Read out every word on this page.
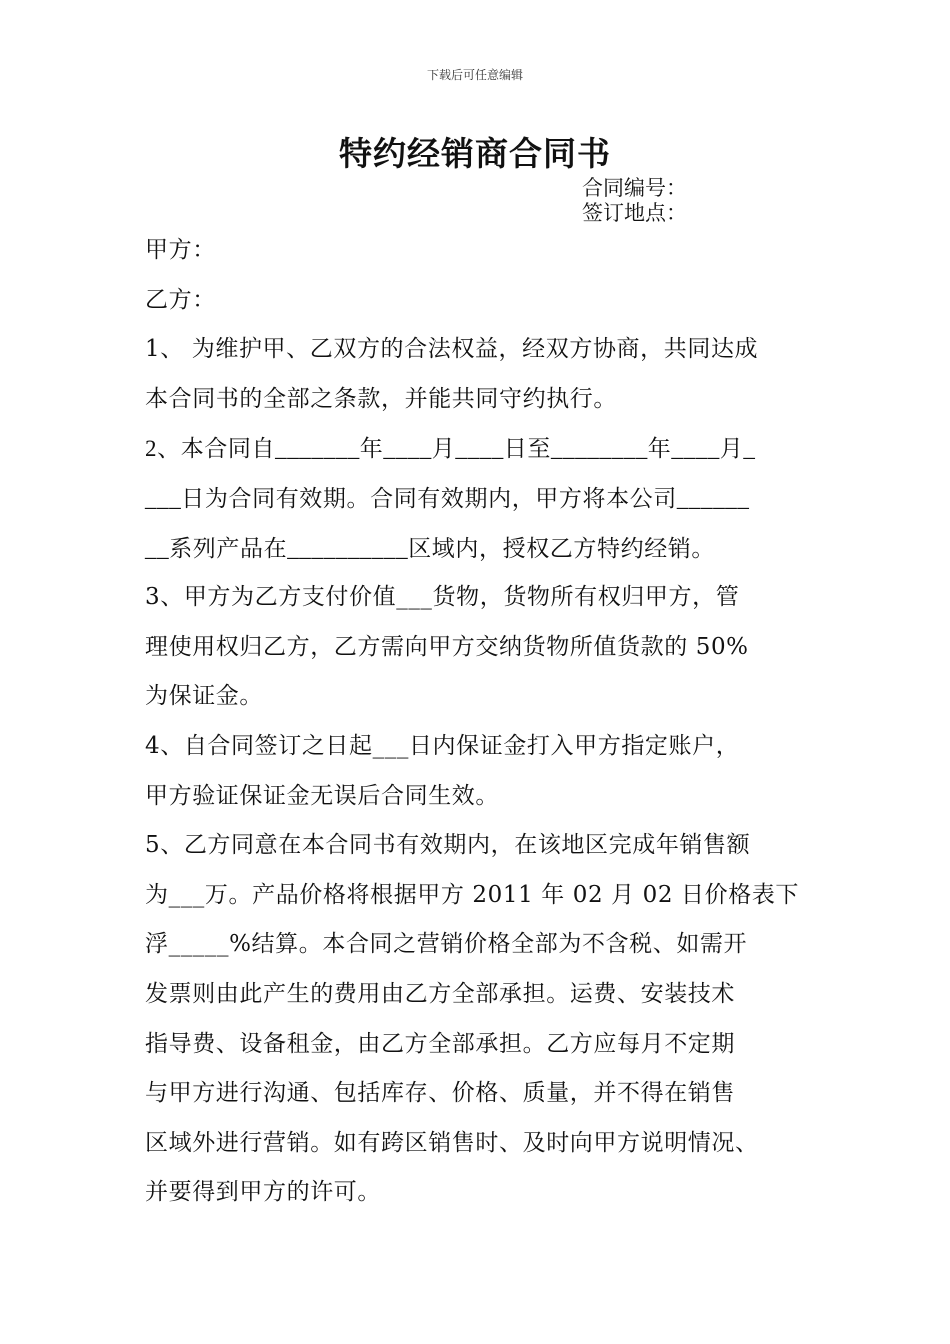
下载后可任意编辑
特约经销商合同书
合同编号：
签订地点：

甲方：

乙方：

1、 为维护甲、乙双方的合法权益，经双方协商，共同达成

本合同书的全部之条款，并能共同守约执行。

2、本合同自_______年____月____日至________年____月_

___日为合同有效期。合同有效期内，甲方将本公司______

__系列产品在__________区域内，授权乙方特约经销。

3、甲方为乙方支付价值___货物，货物所有权归甲方，管

理使用权归乙方，乙方需向甲方交纳货物所值货款的 50%

为保证金。

4、自合同签订之日起___日内保证金打入甲方指定账户，

甲方验证保证金无误后合同生效。

5、乙方同意在本合同书有效期内，在该地区完成年销售额

为___万。产品价格将根据甲方 2011 年 02 月 02 日价格表下

浮_____%结算。本合同之营销价格全部为不含税、如需开

发票则由此产生的费用由乙方全部承担。运费、安装技术

指导费、设备租金，由乙方全部承担。乙方应每月不定期

与甲方进行沟通、包括库存、价格、质量，并不得在销售

区域外进行营销。如有跨区销售时、及时向甲方说明情况、

并要得到甲方的许可。
